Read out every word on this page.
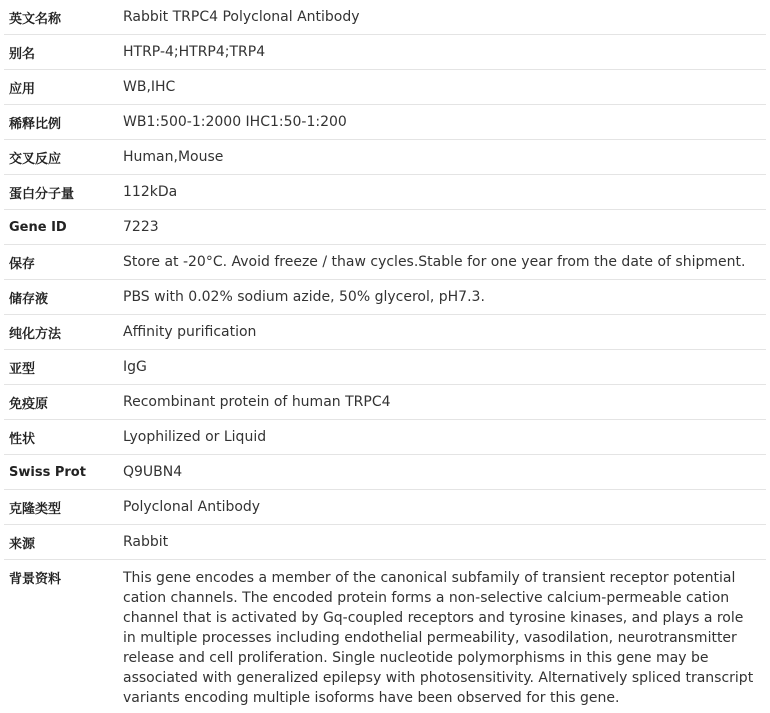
英文名称	Rabbit TRPC4 Polyclonal Antibody
别名	HTRP-4;HTRP4;TRP4
应用	WB,IHC
稀释比例	WB1:500-1:2000 IHC1:50-1:200
交叉反应	Human,Mouse
蛋白分子量	112kDa
Gene ID	7223
保存	Store at -20°C. Avoid freeze / thaw cycles.Stable for one year from the date of shipment.
储存液	PBS with 0.02% sodium azide, 50% glycerol, pH7.3.
纯化方法	Affinity purification
亚型	IgG
免疫原	Recombinant protein of human TRPC4
性状	Lyophilized or Liquid
Swiss Prot	Q9UBN4
克隆类型	Polyclonal Antibody
来源	Rabbit
背景资料	This gene encodes a member of the canonical subfamily of transient receptor potential cation channels. The encoded protein forms a non-selective calcium-permeable cation channel that is activated by Gq-coupled receptors and tyrosine kinases, and plays a role in multiple processes including endothelial permeability, vasodilation, neurotransmitter release and cell proliferation. Single nucleotide polymorphisms in this gene may be associated with generalized epilepsy with photosensitivity. Alternatively spliced transcript variants encoding multiple isoforms have been observed for this gene.
